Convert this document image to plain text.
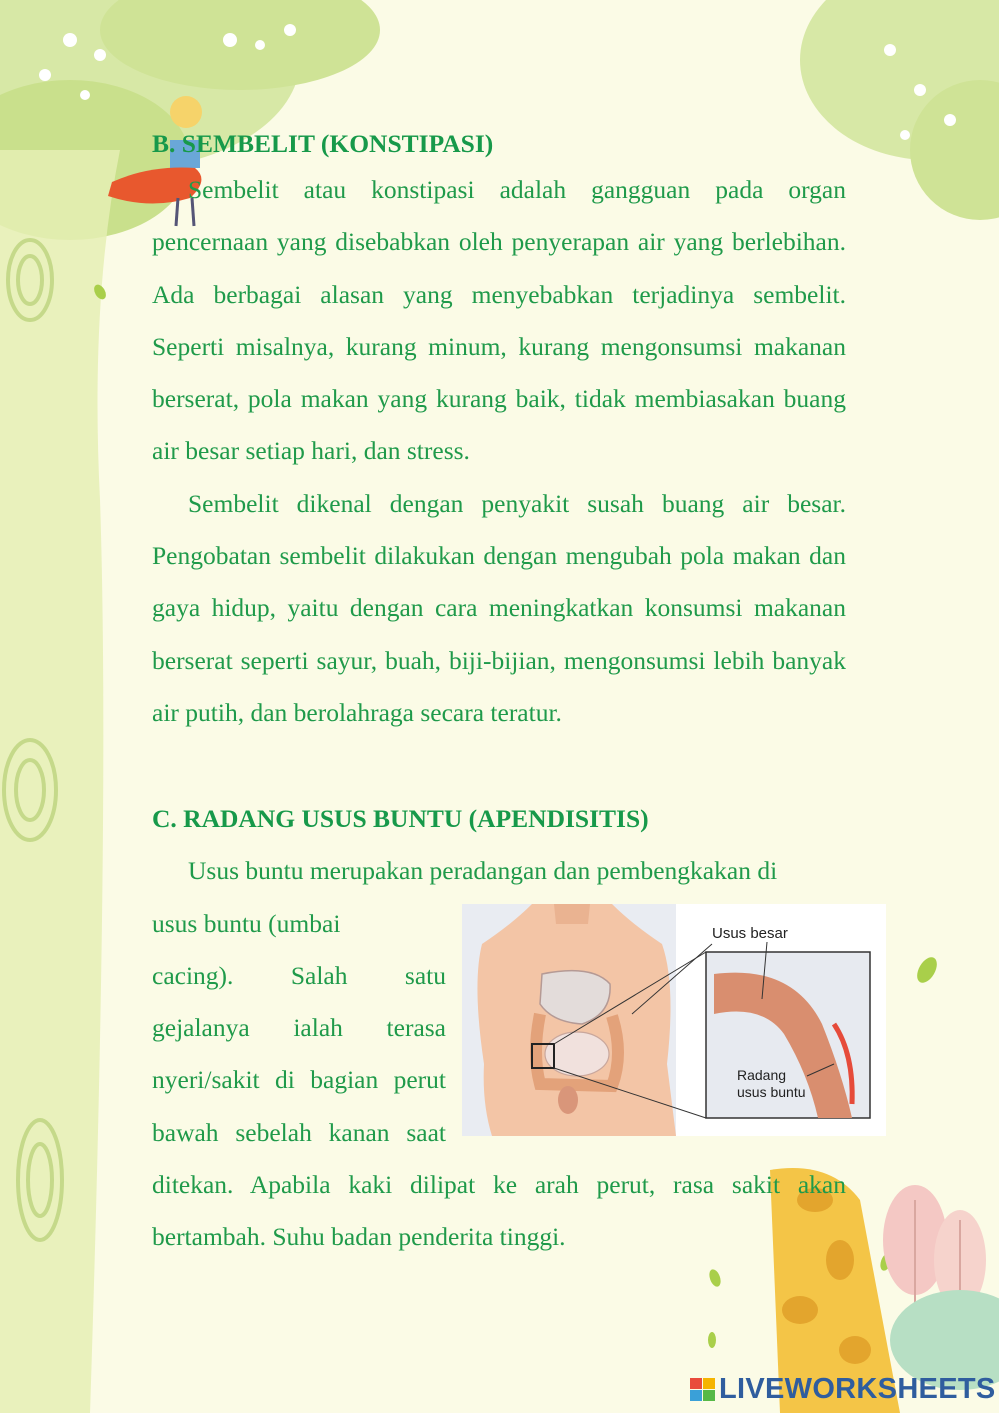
B. SEMBELIT (KONSTIPASI)

Sembelit atau konstipasi adalah gangguan pada organ pencernaan yang disebabkan oleh penyerapan air yang berlebihan. Ada berbagai alasan yang menyebabkan terjadinya sembelit. Seperti misalnya, kurang minum, kurang mengonsumsi makanan berserat, pola makan yang kurang baik, tidak membiasakan buang air besar setiap hari, dan stress.

Sembelit dikenal dengan penyakit susah buang air besar. Pengobatan sembelit dilakukan dengan mengubah pola makan dan gaya hidup, yaitu dengan cara meningkatkan konsumsi makanan berserat seperti sayur, buah, biji-bijian, mengonsumsi lebih banyak air putih, dan berolahraga secara teratur.

C. RADANG USUS BUNTU (APENDISITIS)

Usus buntu merupakan peradangan dan pembengkakan di

usus buntu (umbai
cacing). Salah satu
gejalanya ialah terasa
nyeri/sakit di bagian perut
bawah sebelah kanan saat
Usus besar
Radang
usus buntu

ditekan. Apabila kaki dilipat ke arah perut, rasa sakit akan bertambah. Suhu badan penderita tinggi.

LIVEWORKSHEETS
